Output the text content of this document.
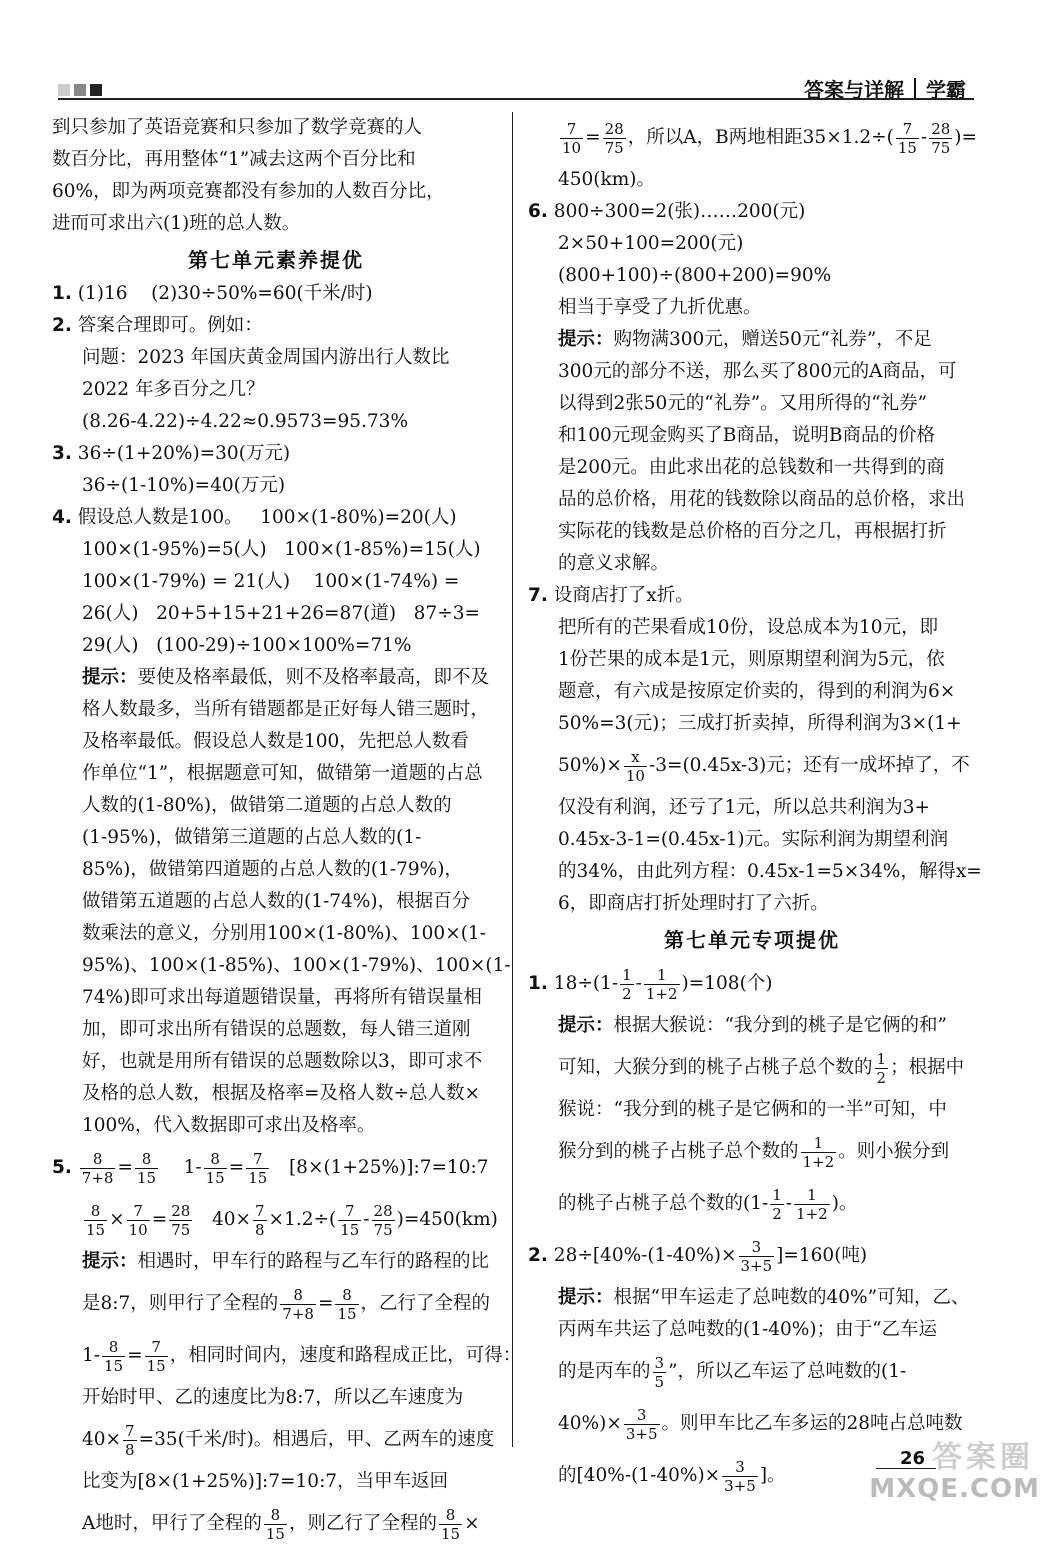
答案与详解 学霸
到只参加了英语竞赛和只参加了数学竞赛的人
数百分比，再用整体“1”减去这两个百分比和
60%，即为两项竞赛都没有参加的人数百分比，
进而可求出六(1)班的总人数。
第七单元素养提优
1. (1)16    (2)30÷50%=60(千米/时)
2. 答案合理即可。例如：
问题：2023 年国庆黄金周国内游出行人数比
2022 年多百分之几？
(8.26-4.22)÷4.22≈0.9573=95.73%
3. 36÷(1+20%)=30(万元)
36÷(1-10%)=40(万元)
4. 假设总人数是100。   100×(1-80%)=20(人)
100×(1-95%)=5(人)   100×(1-85%)=15(人)
100×(1-79%) = 21(人)    100×(1-74%) =
26(人)   20+5+15+21+26=87(道)   87÷3=
29(人)   (100-29)÷100×100%=71%
提示：要使及格率最低，则不及格率最高，即不及
格人数最多，当所有错题都是正好每人错三题时，
及格率最低。假设总人数是100，先把总人数看
作单位“1”，根据题意可知，做错第一道题的占总
人数的(1-80%)，做错第二道题的占总人数的
(1-95%)，做错第三道题的占总人数的(1-
85%)，做错第四道题的占总人数的(1-79%)，
做错第五道题的占总人数的(1-74%)，根据百分
数乘法的意义，分别用100×(1-80%)、100×(1-
95%)、100×(1-85%)、100×(1-79%)、100×(1-
74%)即可求出每道题错误量，再将所有错误量相
加，即可求出所有错误的总题数，每人错三道刚
好，也就是用所有错误的总题数除以3，即可求不
及格的总人数，根据及格率=及格人数÷总人数×
100%，代入数据即可求出及格率。
5. $\frac{8}{7+8} = \frac{8}{15} 1- \frac{8}{15} = \frac{7}{15}$ [8×(1+25%)]:7=10:7
$\frac{8}{15} \times \frac{7}{10} = \frac{28}{75} 40\times \frac{7}{8} \times 1.2\div( \frac{7}{15} - \frac{28}{75} )=450(km)$
提示：相遇时，甲车行的路程与乙车行的路程的比
是8:7，则甲行了全程的 $\frac{8}{7+8} = \frac{8}{15}$ ，乙行了全程的
$1- \frac{8}{15} = \frac{7}{15}$ ，相同时间内，速度和路程成正比，可得：
开始时甲、乙的速度比为8:7，所以乙车速度为
$40\times \frac{7}{8} =35$(千米/时)。相遇后，甲、乙两车的速度
比变为[8×(1+25%)]:7=10:7，当甲车返回
A地时，甲行了全程的 $\frac{8}{15}$ ，则乙行了全程的 $\frac{8}{15}$ ×
$\frac{7}{10} = \frac{28}{75}$ ，所以A，B两地相距$35\times 1.2\div( \frac{7}{15} - \frac{28}{75}$ )=
450(km)。
6. 800÷300=2(张)……200(元)
2×50+100=200(元)
(800+100)÷(800+200)=90%
相当于享受了九折优惠。
提示：购物满300元，赠送50元“礼券”，不足
300元的部分不送，那么买了800元的A商品，可
以得到2张50元的“礼券”。又用所得的“礼券”
和100元现金购买了B商品，说明B商品的价格
是200元。由此求出花的总钱数和一共得到的商
品的总价格，用花的钱数除以商品的总价格，求出
实际花的钱数是总价格的百分之几，再根据打折
的意义求解。
7. 设商店打了x折。
把所有的芒果看成10份，设总成本为10元，即
1份芒果的成本是1元，则原期望利润为5元，依
题意，有六成是按原定价卖的，得到的利润为6×
50%=3(元)；三成打折卖掉，所得利润为3×(1+
$50\%)\times \frac{x}{10} -3=(0.45x-3)$元；还有一成坏掉了，不
仅没有利润，还亏了1元，所以总共利润为3+
0.45x-3-1=(0.45x-1)元。实际利润为期望利润
的34%，由此列方程：0.45x-1=5×34%，解得x=
6，即商店打折处理时打了六折。
第七单元专项提优
1. $18\div(1- \frac{1}{2} - \frac{1}{1+2} )=108$(个)
提示：根据大猴说：“我分到的桃子是它俩的和”
可知，大猴分到的桃子占桃子总个数的 $\frac{1}{2}$ ；根据中
猴说：“我分到的桃子是它俩和的一半”可知，中
猴分到的桃子占桃子总个数的 $\frac{1}{1+2}$ 。则小猴分到
的桃子占桃子总个数的($1- \frac{1}{2} - \frac{1}{1+2}$ )。
2. $28\div[40\%-(1-40\%)\times \frac{3}{3+5} ]=160$(吨)
提示：根据“甲车运走了总吨数的40%”可知，乙、
丙两车共运了总吨数的(1-40%)；由于“乙车运
的是丙车的 $\frac{3}{5}$ ”，所以乙车运了总吨数的(1-
$40\%)\times \frac{3}{3+5}$ 。则甲车比乙车多运的28吨占总吨数
的[$40\%-(1-40\%)\times \frac{3}{3+5}$ ]。
26 答案圈
MXQE.COM
